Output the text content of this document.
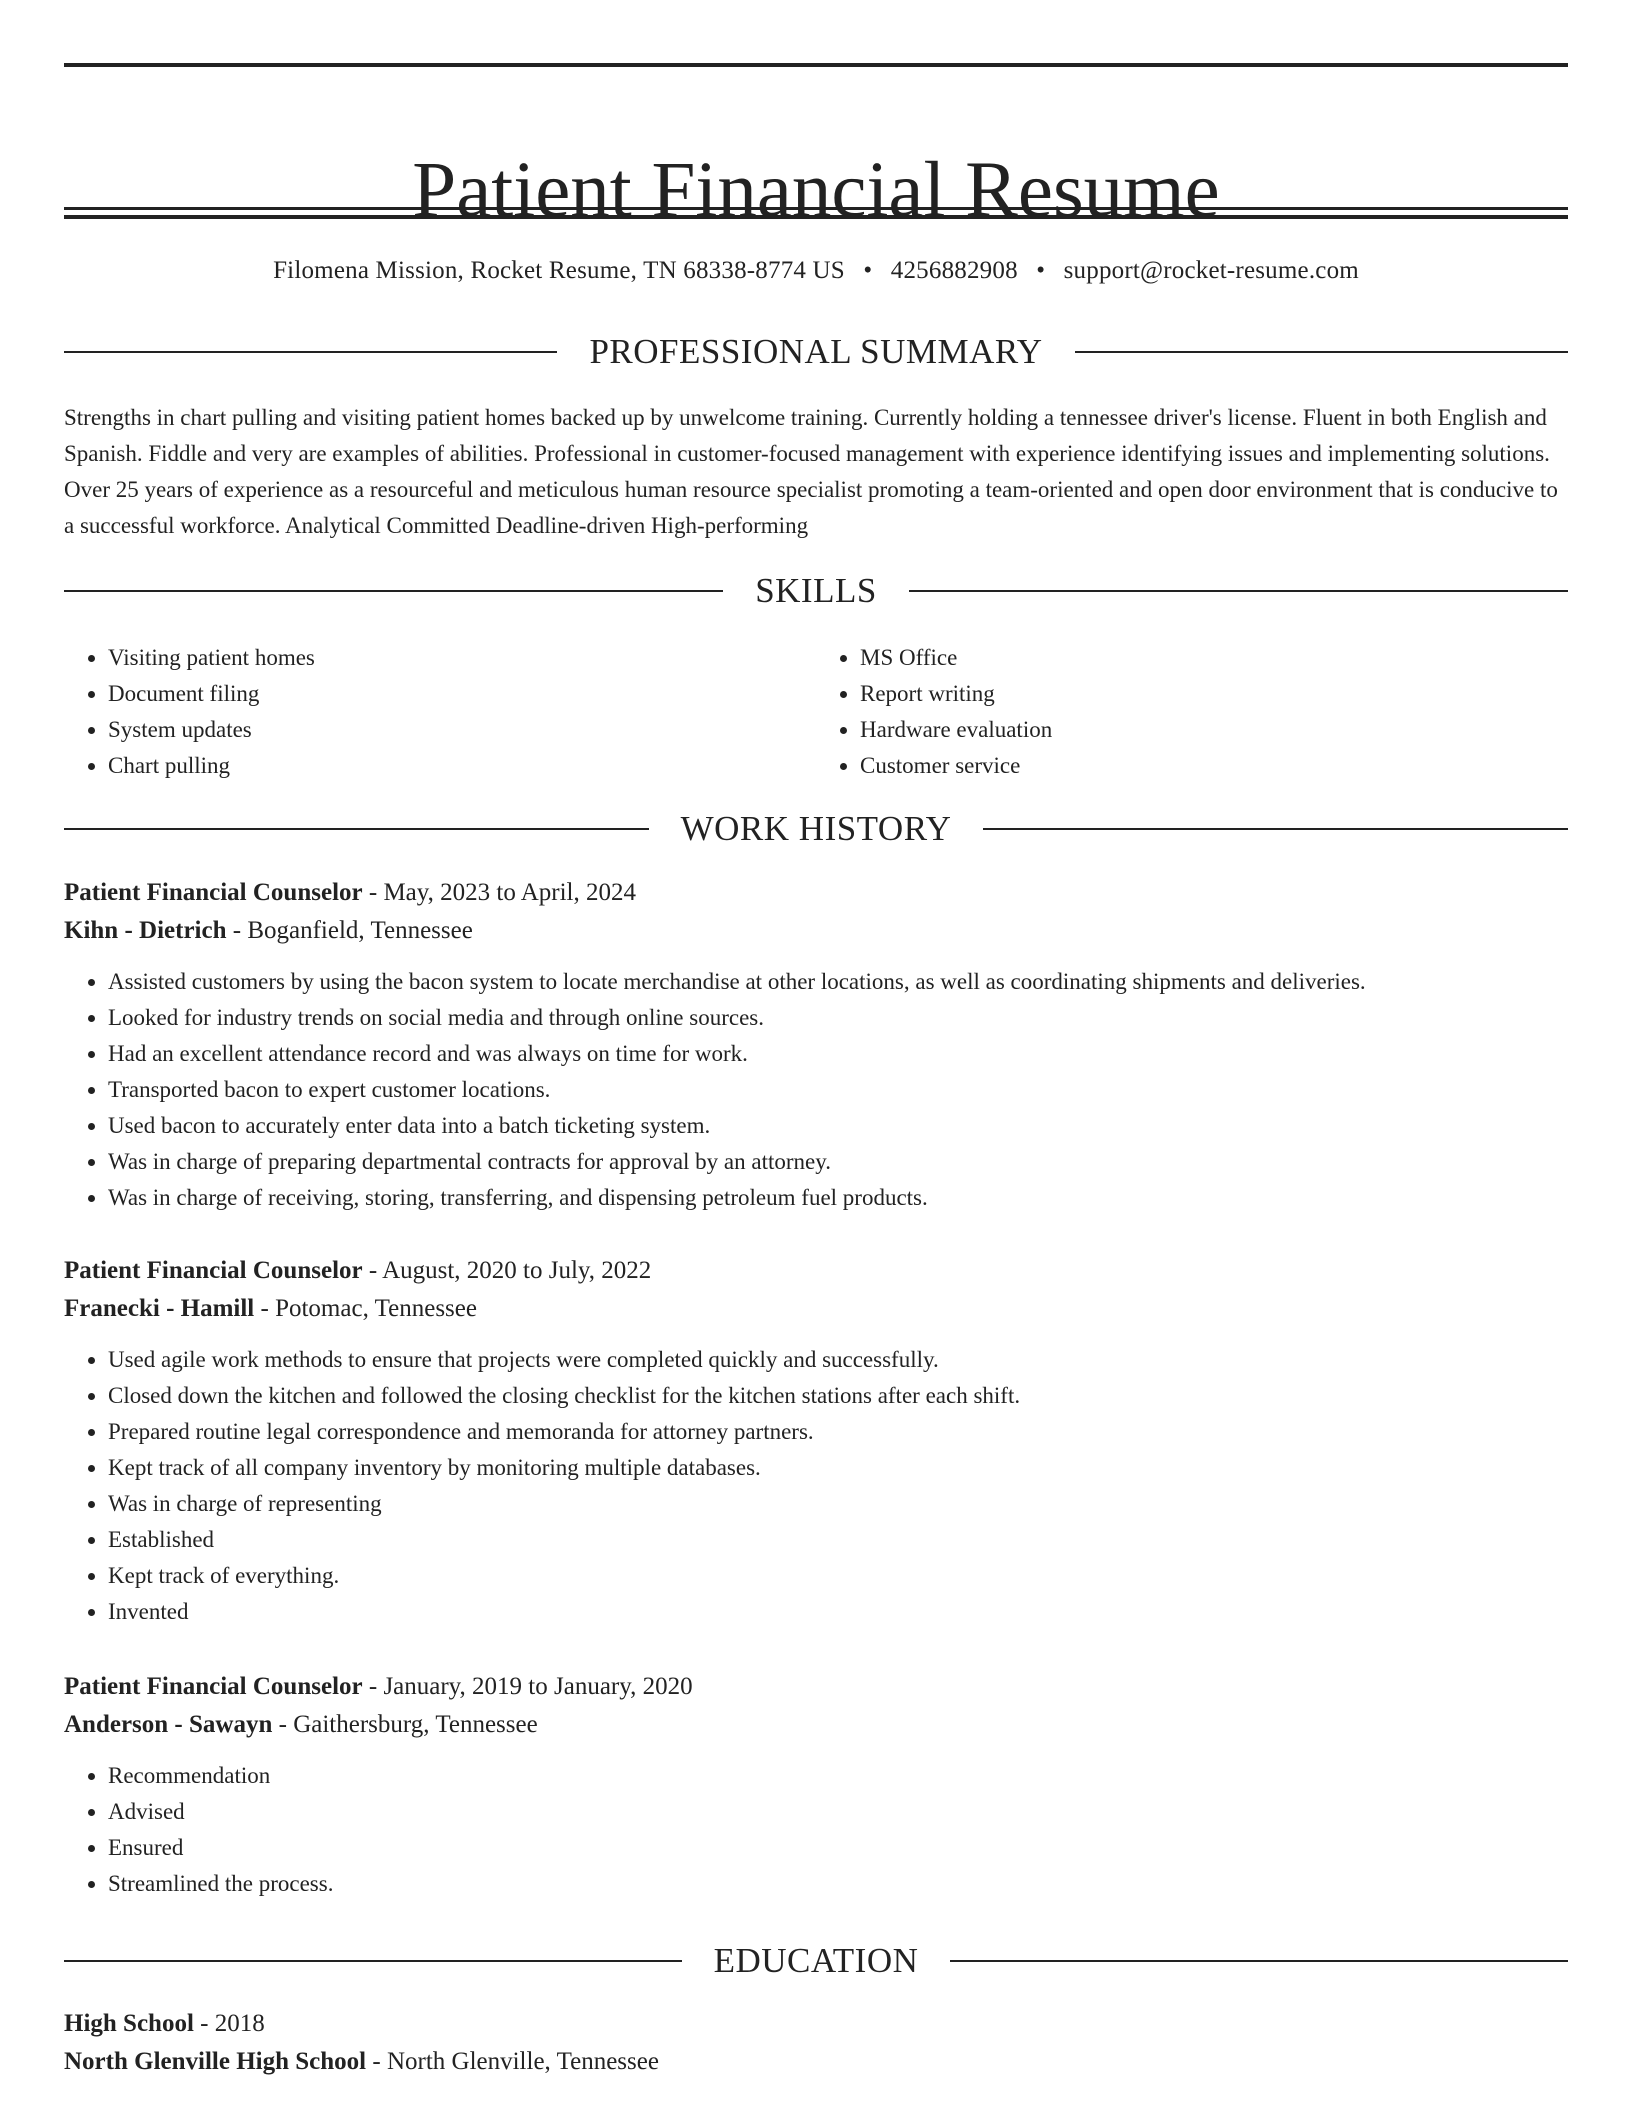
Patient Financial Resume
Filomena Mission, Rocket Resume, TN 68338-8774 US • 4256882908 • support@rocket-resume.com
PROFESSIONAL SUMMARY

Strengths in chart pulling and visiting patient homes backed up by unwelcome training. Currently holding a tennessee driver's license. Fluent in both English and Spanish. Fiddle and very are examples of abilities. Professional in customer-focused management with experience identifying issues and implementing solutions. Over 25 years of experience as a resourceful and meticulous human resource specialist promoting a team-oriented and open door environment that is conducive to a successful workforce. Analytical Committed Deadline-driven High-performing

SKILLS
• Visiting patient homes
• Document filing
• System updates
• Chart pulling
• MS Office
• Report writing
• Hardware evaluation
• Customer service
WORK HISTORY
Patient Financial Counselor - May, 2023 to April, 2024
Kihn - Dietrich - Boganfield, Tennessee
• Assisted customers by using the bacon system to locate merchandise at other locations, as well as coordinating shipments and deliveries.
• Looked for industry trends on social media and through online sources.
• Had an excellent attendance record and was always on time for work.
• Transported bacon to expert customer locations.
• Used bacon to accurately enter data into a batch ticketing system.
• Was in charge of preparing departmental contracts for approval by an attorney.
• Was in charge of receiving, storing, transferring, and dispensing petroleum fuel products.
Patient Financial Counselor - August, 2020 to July, 2022
Franecki - Hamill - Potomac, Tennessee
• Used agile work methods to ensure that projects were completed quickly and successfully.
• Closed down the kitchen and followed the closing checklist for the kitchen stations after each shift.
• Prepared routine legal correspondence and memoranda for attorney partners.
• Kept track of all company inventory by monitoring multiple databases.
• Was in charge of representing
• Established
• Kept track of everything.
• Invented
Patient Financial Counselor - January, 2019 to January, 2020
Anderson - Sawayn - Gaithersburg, Tennessee
• Recommendation
• Advised
• Ensured
• Streamlined the process.
EDUCATION
High School - 2018
North Glenville High School - North Glenville, Tennessee
